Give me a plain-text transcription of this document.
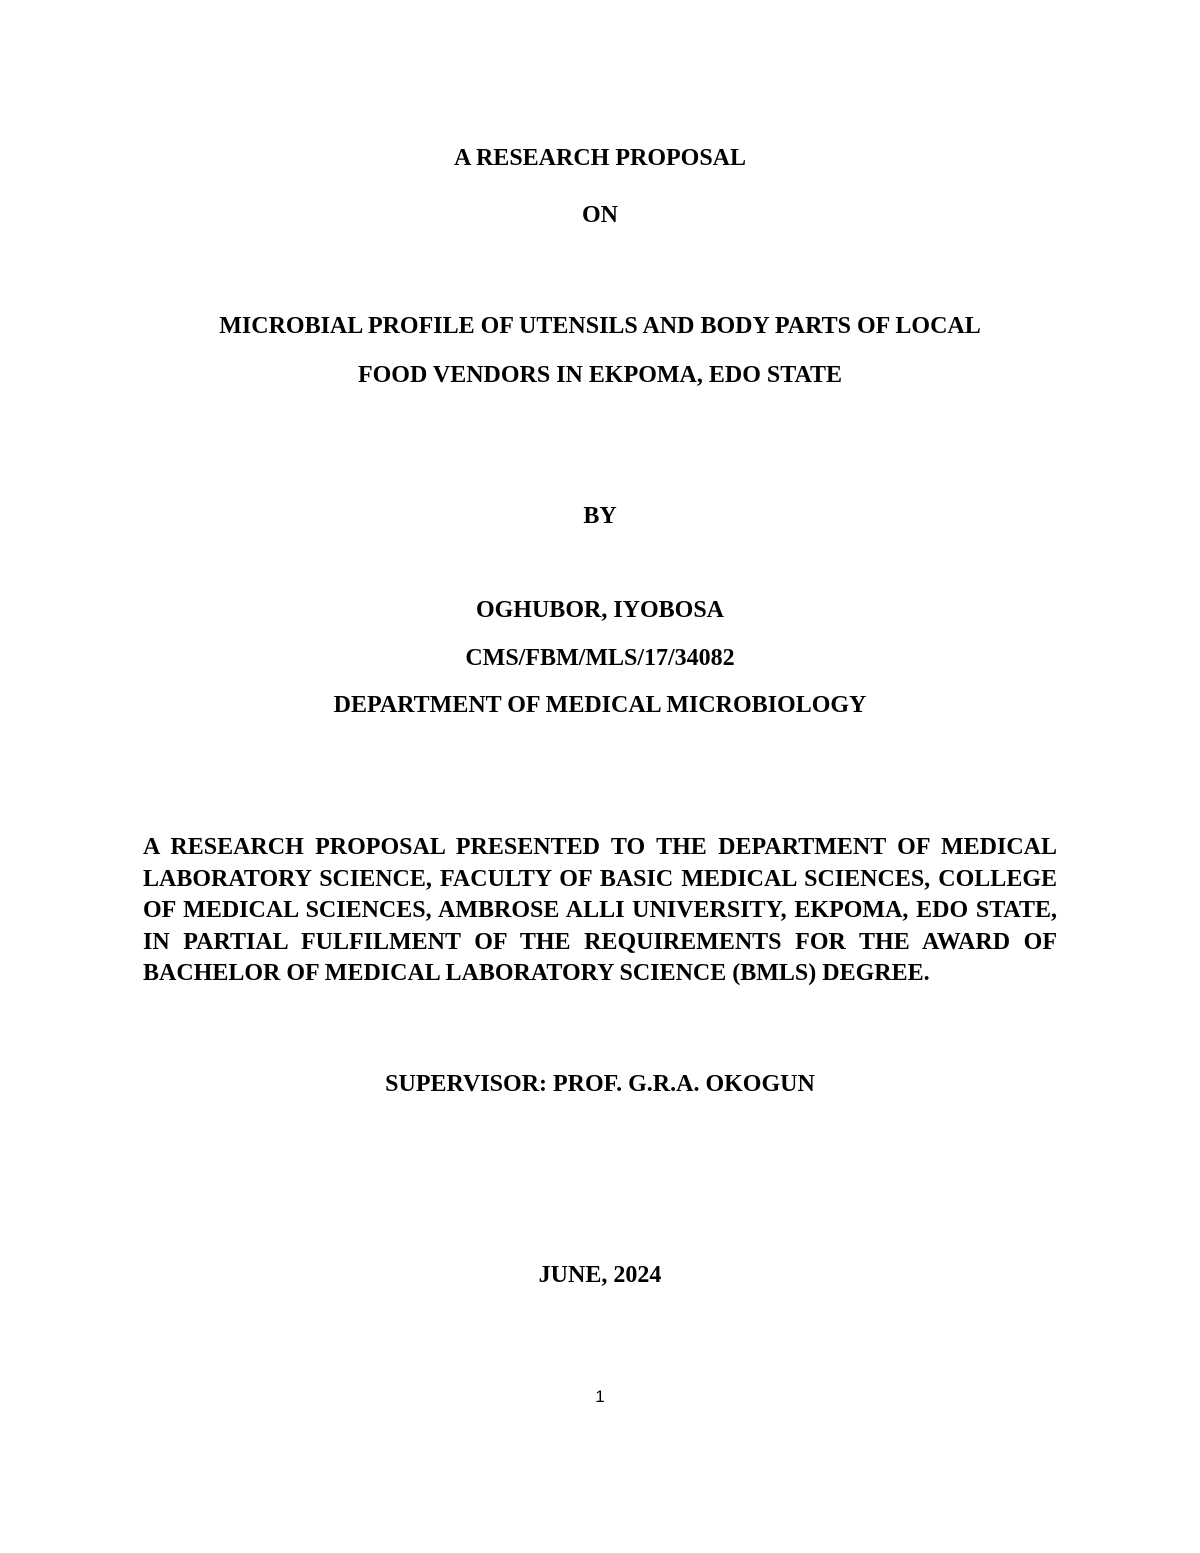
A RESEARCH PROPOSAL
ON
MICROBIAL PROFILE OF UTENSILS AND BODY PARTS OF LOCAL
FOOD VENDORS IN EKPOMA, EDO STATE
BY
OGHUBOR, IYOBOSA
CMS/FBM/MLS/17/34082
DEPARTMENT OF MEDICAL MICROBIOLOGY
A RESEARCH PROPOSAL PRESENTED TO THE DEPARTMENT OF MEDICAL LABORATORY SCIENCE, FACULTY OF BASIC MEDICAL SCIENCES, COLLEGE OF MEDICAL SCIENCES, AMBROSE ALLI UNIVERSITY, EKPOMA, EDO STATE, IN PARTIAL FULFILMENT OF THE REQUIREMENTS FOR THE AWARD OF BACHELOR OF MEDICAL LABORATORY SCIENCE (BMLS) DEGREE.
SUPERVISOR: PROF. G.R.A. OKOGUN
JUNE, 2024
1
